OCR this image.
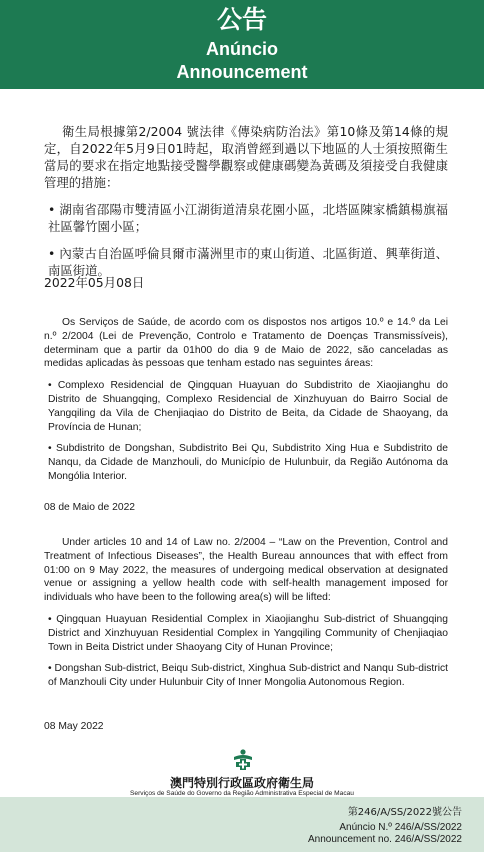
公告
Anúncio
Announcement

衛生局根據第2/2004 號法律《傳染病防治法》第10條及第14條的規定，自2022年5月9日01時起，取消曾經到過以下地區的人士須按照衛生當局的要求在指定地點接受醫學觀察或健康碼變為黃碼及須接受自我健康管理的措施：

• 湖南省邵陽市雙清區小江湖街道清泉花園小區，北塔區陳家橋鎮楊旗福社區馨竹園小區；

• 內蒙古自治區呼倫貝爾市滿洲里市的東山街道、北區街道、興華街道、南區街道。

2022年05月08日

Os Serviços de Saúde, de acordo com os dispostos nos artigos 10.º e 14.º da Lei n.º 2/2004 (Lei de Prevenção, Controlo e Tratamento de Doenças Transmissíveis), determinam que a partir da 01h00 do dia 9 de Maio de 2022, são canceladas as medidas aplicadas às pessoas que tenham estado nas seguintes áreas:

• Complexo Residencial de Qingquan Huayuan do Subdistrito de Xiaojianghu do Distrito de Shuangqing, Complexo Residencial de Xinzhuyuan do Bairro Social de Yangqiling da Vila de Chenjiaqiao do Distrito de Beita, da Cidade de Shaoyang, da Província de Hunan;

• Subdistrito de Dongshan, Subdistrito Bei Qu, Subdistrito Xing Hua e Subdistrito de Nanqu, da Cidade de Manzhouli, do Município de Hulunbuir, da Região Autónoma da Mongólia Interior.

08 de Maio de 2022

Under articles 10 and 14 of Law no. 2/2004 – “Law on the Prevention, Control and Treatment of Infectious Diseases”, the Health Bureau announces that with effect from 01:00 on 9 May 2022, the measures of undergoing medical observation at designated venue or assigning a yellow health code with self-health management imposed for individuals who have been to the following area(s) will be lifted:

• Qingquan Huayuan Residential Complex in Xiaojianghu Sub-district of Shuangqing District and Xinzhuyuan Residential Complex in Yangqiling Community of Chenjiaqiao Town in Beita District under Shaoyang City of Hunan Province;

• Dongshan Sub-district, Beiqu Sub-district, Xinghua Sub-district and Nanqu Sub-district of Manzhouli City under Hulunbuir City of Inner Mongolia Autonomous Region.

08 May 2022
澳門特別行政區政府衛生局
Serviços de Saúde do Governo da Região Administrativa Especial de Macau
第246/A/SS/2022號公告
Anúncio N.º 246/A/SS/2022
Announcement no. 246/A/SS/2022
